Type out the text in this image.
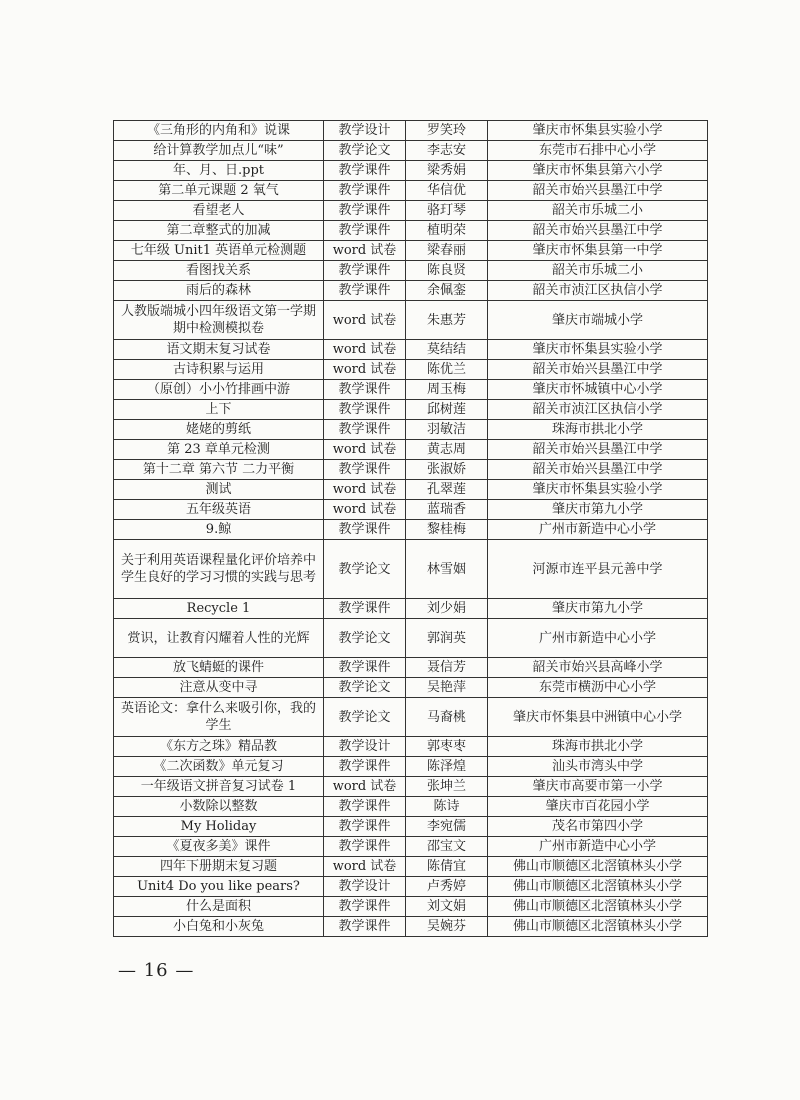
《三角形的内角和》说课	教学设计	罗笑玲	肇庆市怀集县实验小学
给计算教学加点儿“味”	教学论文	李志安	东莞市石排中心小学
年、月、日.ppt	教学课件	梁秀娟	肇庆市怀集县第六小学
第二单元课题 2 氧气	教学课件	华信优	韶关市始兴县墨江中学
看望老人	教学课件	骆玎琴	韶关市乐城二小
第二章整式的加减	教学课件	植明荣	韶关市始兴县墨江中学
七年级 Unit1 英语单元检测题	word 试卷	梁春丽	肇庆市怀集县第一中学
看图找关系	教学课件	陈良贤	韶关市乐城二小
雨后的森林	教学课件	余佩銮	韶关市浈江区执信小学
人教版端城小四年级语文第一学期期中检测模拟卷	word 试卷	朱惠芳	肇庆市端城小学
语文期末复习试卷	word 试卷	莫结结	肇庆市怀集县实验小学
古诗积累与运用	word 试卷	陈优兰	韶关市始兴县墨江中学
（原创）小小竹排画中游	教学课件	周玉梅	肇庆市怀城镇中心小学
上下	教学课件	邱树莲	韶关市浈江区执信小学
姥姥的剪纸	教学课件	羽敏洁	珠海市拱北小学
第 23 章单元检测	word 试卷	黄志周	韶关市始兴县墨江中学
第十二章 第六节 二力平衡	教学课件	张淑娇	韶关市始兴县墨江中学
测试	word 试卷	孔翠莲	肇庆市怀集县实验小学
五年级英语	word 试卷	蓝瑞香	肇庆市第九小学
9.鲸	教学课件	黎桂梅	广州市新造中心小学
关于利用英语课程量化评价培养中学生良好的学习习惯的实践与思考	教学论文	林雪姻	河源市连平县元善中学
Recycle 1	教学课件	刘少娟	肇庆市第九小学
赏识，让教育闪耀着人性的光辉	教学论文	郭润英	广州市新造中心小学
放飞蜻蜓的课件	教学课件	聂信芳	韶关市始兴县高峰小学
注意从变中寻	教学论文	吴艳萍	东莞市横沥中心小学
英语论文：拿什么来吸引你，我的学生	教学论文	马裔桃	肇庆市怀集县中洲镇中心小学
《东方之珠》精品教	教学设计	郭枣枣	珠海市拱北小学
《二次函数》单元复习	教学课件	陈泽煌	汕头市湾头中学
一年级语文拼音复习试卷 1	word 试卷	张坤兰	肇庆市高要市第一小学
小数除以整数	教学课件	陈诗	肇庆市百花园小学
My Holiday	教学课件	李宛儒	茂名市第四小学
《夏夜多美》课件	教学课件	邵宝文	广州市新造中心小学
四年下册期末复习题	word 试卷	陈倩宜	佛山市顺德区北滘镇林头小学
Unit4 Do you like pears?	教学设计	卢秀婷	佛山市顺德区北滘镇林头小学
什么是面积	教学课件	刘文娟	佛山市顺德区北滘镇林头小学
小白兔和小灰兔	教学课件	吴婉芬	佛山市顺德区北滘镇林头小学
— 16 —
